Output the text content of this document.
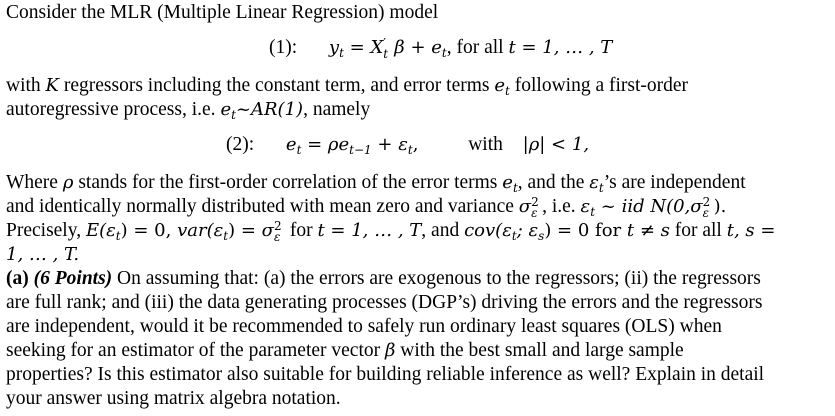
Consider the MLR (Multiple Linear Regression) model
(1): $y_t = X$ ′
t $\beta + e_t$, for all t = 1, … , T
with K regressors including the constant term, and error terms $e_t$ following a first-order
autoregressive process, i.e. $e_t\sim AR(1)$, namely
(2): $e_t = \rho e_{t-1} + \varepsilon_t$,	with |ρ| < 1,
Where ρ stands for the first-order correlation of the error terms $e_t$, and the $\varepsilon_t’s$ are independent
and identically normally distributed with mean zero and variance σ 2
ε , i.e. $\varepsilon_t$ ~ iid N(0,σ 2
ε ).
Precisely, $E(\varepsilon_t) = 0$, $var(\varepsilon_t) = \sigma$ 2
ε for t = 1, … , T, and $cov(\varepsilon_t$; $\varepsilon_s) = 0$ for t ≠ s for all t, s =
1, … , T.
(a) (6 Points) On assuming that: (a) the errors are exogenous to the regressors; (ii) the regressors
are full rank; and (iii) the data generating processes (DGP’s) driving the errors and the regressors
are independent, would it be recommended to safely run ordinary least squares (OLS) when
seeking for an estimator of the parameter vector β with the best small and large sample
properties? Is this estimator also suitable for building reliable inference as well? Explain in detail
your answer using matrix algebra notation.
